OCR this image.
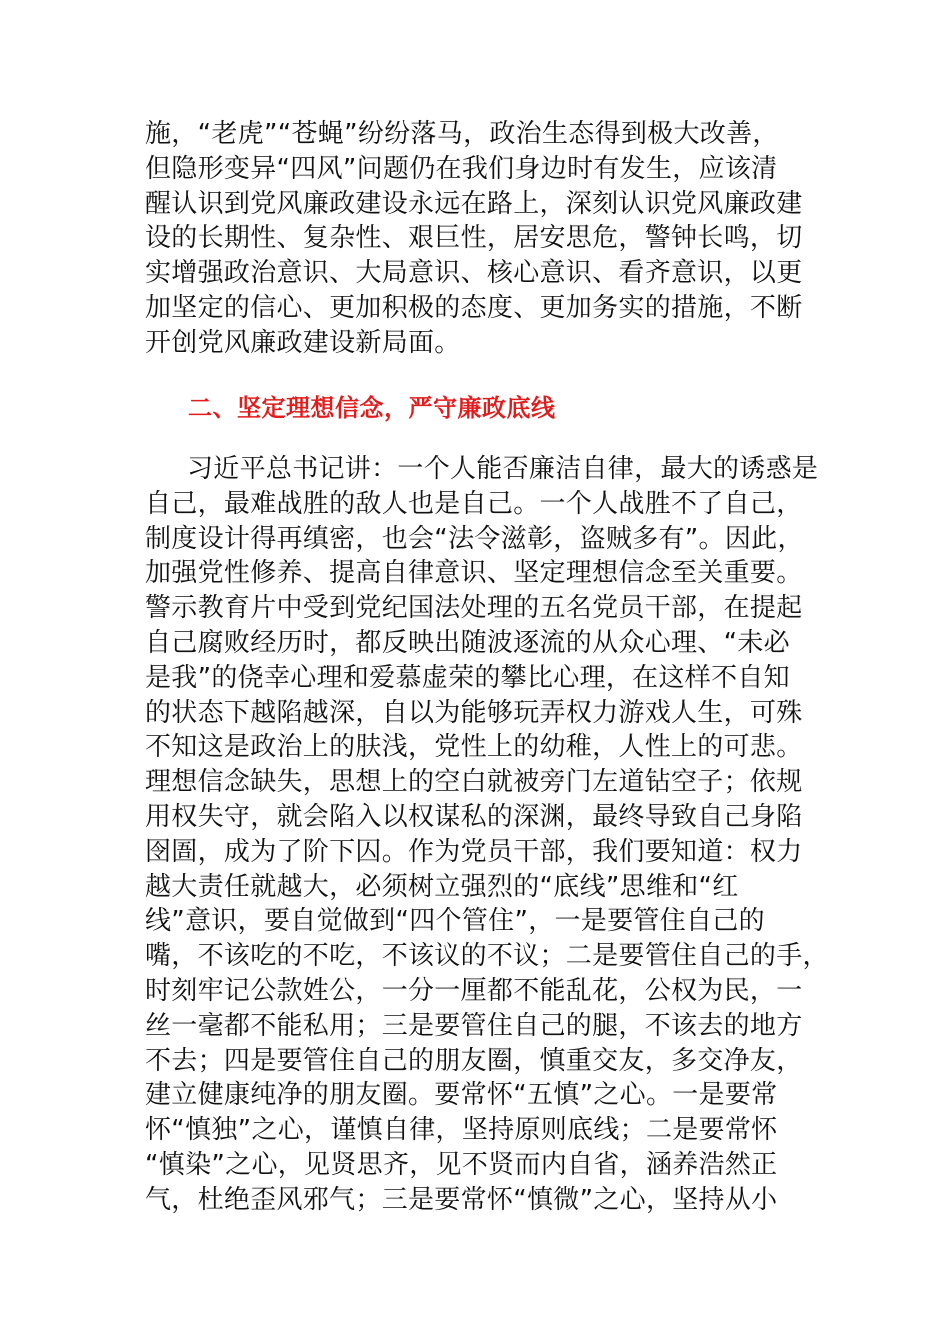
施，“老虎”“苍蝇”纷纷落马，政治生态得到极大改善，
但隐形变异“四风”问题仍在我们身边时有发生，应该清
醒认识到党风廉政建设永远在路上，深刻认识党风廉政建
设的长期性、复杂性、艰巨性，居安思危，警钟长鸣，切
实增强政治意识、大局意识、核心意识、看齐意识，以更
加坚定的信心、更加积极的态度、更加务实的措施，不断
开创党风廉政建设新局面。
二、坚定理想信念，严守廉政底线
习近平总书记讲：一个人能否廉洁自律，最大的诱惑是
自己，最难战胜的敌人也是自己。一个人战胜不了自己，
制度设计得再缜密，也会“法令滋彰，盗贼多有”。因此，
加强党性修养、提高自律意识、坚定理想信念至关重要。
警示教育片中受到党纪国法处理的五名党员干部，在提起
自己腐败经历时，都反映出随波逐流的从众心理、“未必
是我”的侥幸心理和爱慕虚荣的攀比心理，在这样不自知
的状态下越陷越深，自以为能够玩弄权力游戏人生，可殊
不知这是政治上的肤浅，党性上的幼稚，人性上的可悲。
理想信念缺失，思想上的空白就被旁门左道钻空子；依规
用权失守，就会陷入以权谋私的深渊，最终导致自己身陷
囹圄，成为了阶下囚。作为党员干部，我们要知道：权力
越大责任就越大，必须树立强烈的“底线”思维和“红
线”意识，要自觉做到“四个管住”，一是要管住自己的
嘴，不该吃的不吃，不该议的不议；二是要管住自己的手，
时刻牢记公款姓公，一分一厘都不能乱花，公权为民，一
丝一毫都不能私用；三是要管住自己的腿，不该去的地方
不去；四是要管住自己的朋友圈，慎重交友，多交净友，
建立健康纯净的朋友圈。要常怀“五慎”之心。一是要常
怀“慎独”之心，谨慎自律，坚持原则底线；二是要常怀
“慎染”之心，见贤思齐，见不贤而内自省，涵养浩然正
气，杜绝歪风邪气；三是要常怀“慎微”之心，坚持从小
